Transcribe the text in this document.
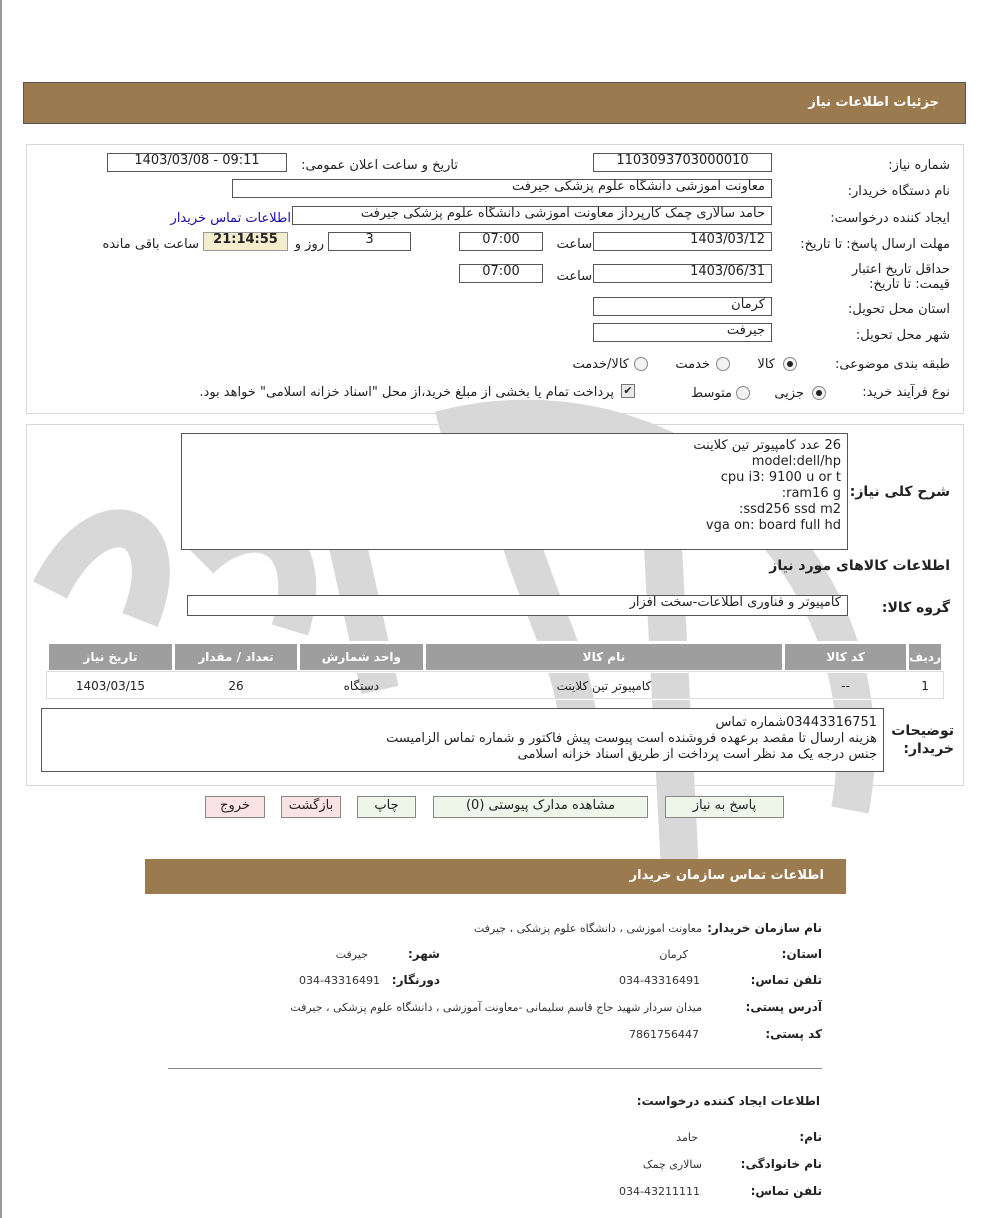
جزئیات اطلاعات نیاز
شماره نیاز:
1103093703000010
تاریخ و ساعت اعلان عمومی:
1403/03/08 - 09:11
نام دستگاه خریدار:
معاونت آموزشی دانشگاه علوم پزشکی جیرفت
ایجاد کننده درخواست:
حامد سالاری چمک کارپرداز معاونت آموزشی دانشگاه علوم پزشکی جیرفت
اطلاعات تماس خریدار
مهلت ارسال پاسخ: تا تاریخ:
1403/03/12
ساعت
07:00
3
روز و
21:14:55
ساعت باقی مانده
حداقل تاریخ اعتبار قیمت: تا تاریخ:
1403/06/31
ساعت
07:00
استان محل تحویل:
کرمان
شهر محل تحویل:
جیرفت
طبقه بندی موضوعی:
کالا
خدمت
کالا/خدمت
نوع فرآیند خرید:
جزیی
متوسط
✔
پرداخت تمام یا بخشی از مبلغ خرید،از محل "اسناد خزانه اسلامی" خواهد بود.
شرح کلی نیاز:
26 عدد کامپیوتر تین کلاینت
model:dell/hp
cpu i3: 9100 u or t
ram16 g:
ssd256 ssd m2:
vga on: board full hd
اطلاعات کالاهای مورد نیاز
گروه کالا:
کامپیوتر و فناوری اطلاعات-سخت افزار
ردیف	کد کالا	نام کالا	واحد شمارش	تعداد / مقدار	تاریخ نیاز
1	--	کامپیوتر تین کلاینت	دستگاه	26	1403/03/15
توضیحات
خریدار:
03443316751شماره تماس
هزینه ارسال تا مقصد برعهده فروشنده است پیوست پیش فاکتور و شماره تماس الزامیست
جنس درجه یک مد نظر است پرداخت از طریق اسناد خزانه اسلامی
پاسخ به نیاز
مشاهده مدارک پیوستی (0)
چاپ
بازگشت
خروج
اطلاعات تماس سازمان خریدار
نام سازمان خریدار:
معاونت اموزشی ، دانشگاه علوم پزشکی ، جیرفت
استان:
کرمان
شهر:
جیرفت
تلفن تماس:
034-43316491
دورنگار:
034-43316491
آدرس پستی:
میدان سردار شهید حاج قاسم سلیمانی -معاونت آموزشی ، دانشگاه علوم پزشکی ، جیرفت
کد پستی:
7861756447
اطلاعات ایجاد کننده درخواست:
نام:
حامد
نام خانوادگی:
سالاری چمک
تلفن تماس:
034-43211111
